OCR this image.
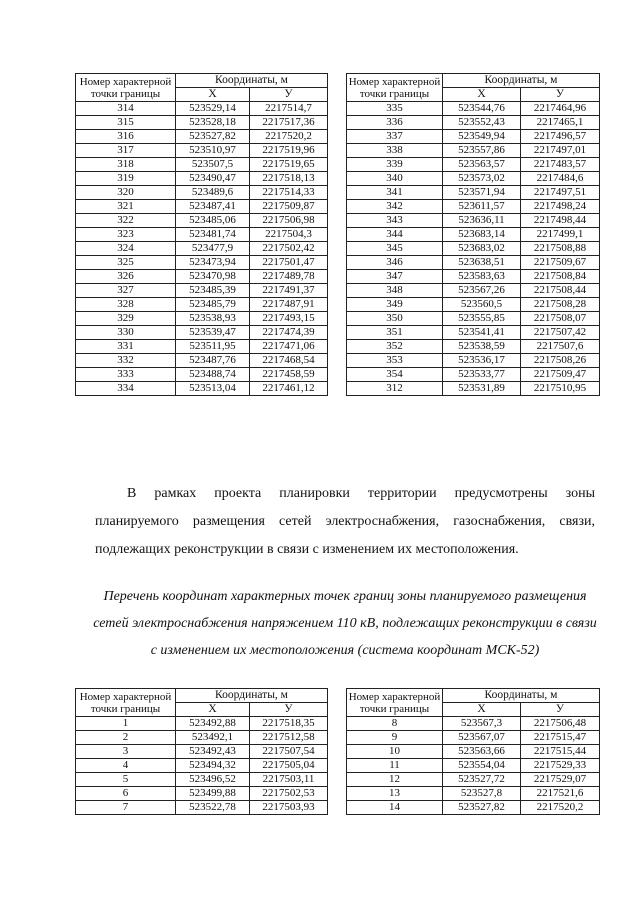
Номер характерной точки границы	Координаты, м	
	X	У
314	523529,14	2217514,7
315	523528,18	2217517,36
316	523527,82	2217520,2
317	523510,97	2217519,96
318	523507,5	2217519,65
319	523490,47	2217518,13
320	523489,6	2217514,33
321	523487,41	2217509,87
322	523485,06	2217506,98
323	523481,74	2217504,3
324	523477,9	2217502,42
325	523473,94	2217501,47
326	523470,98	2217489,78
327	523485,39	2217491,37
328	523485,79	2217487,91
329	523538,93	2217493,15
330	523539,47	2217474,39
331	523511,95	2217471,06
332	523487,76	2217468,54
333	523488,74	2217458,59
334	523513,04	2217461,12
Номер характерной точки границы	Координаты, м	
	X	У
335	523544,76	2217464,96
336	523552,43	2217465,1
337	523549,94	2217496,57
338	523557,86	2217497,01
339	523563,57	2217483,57
340	523573,02	2217484,6
341	523571,94	2217497,51
342	523611,57	2217498,24
343	523636,11	2217498,44
344	523683,14	2217499,1
345	523683,02	2217508,88
346	523638,51	2217509,67
347	523583,63	2217508,84
348	523567,26	2217508,44
349	523560,5	2217508,28
350	523555,85	2217508,07
351	523541,41	2217507,42
352	523538,59	2217507,6
353	523536,17	2217508,26
354	523533,77	2217509,47
312	523531,89	2217510,95

В рамках проекта планировки территории предусмотрены зоны планируемого размещения сетей электроснабжения, газоснабжения, связи, подлежащих реконструкции в связи с изменением их местоположения.

Перечень координат характерных точек границ зоны планируемого размещения сетей электроснабжения напряжением 110 кВ, подлежащих реконструкции в связи с изменением их местоположения (система координат МСК-52)

Номер характерной точки границы	Координаты, м	
	X	У
1	523492,88	2217518,35
2	523492,1	2217512,58
3	523492,43	2217507,54
4	523494,32	2217505,04
5	523496,52	2217503,11
6	523499,88	2217502,53
7	523522,78	2217503,93
Номер характерной точки границы	Координаты, м	
	X	У
8	523567,3	2217506,48
9	523567,07	2217515,47
10	523563,66	2217515,44
11	523554,04	2217529,33
12	523527,72	2217529,07
13	523527,8	2217521,6
14	523527,82	2217520,2
